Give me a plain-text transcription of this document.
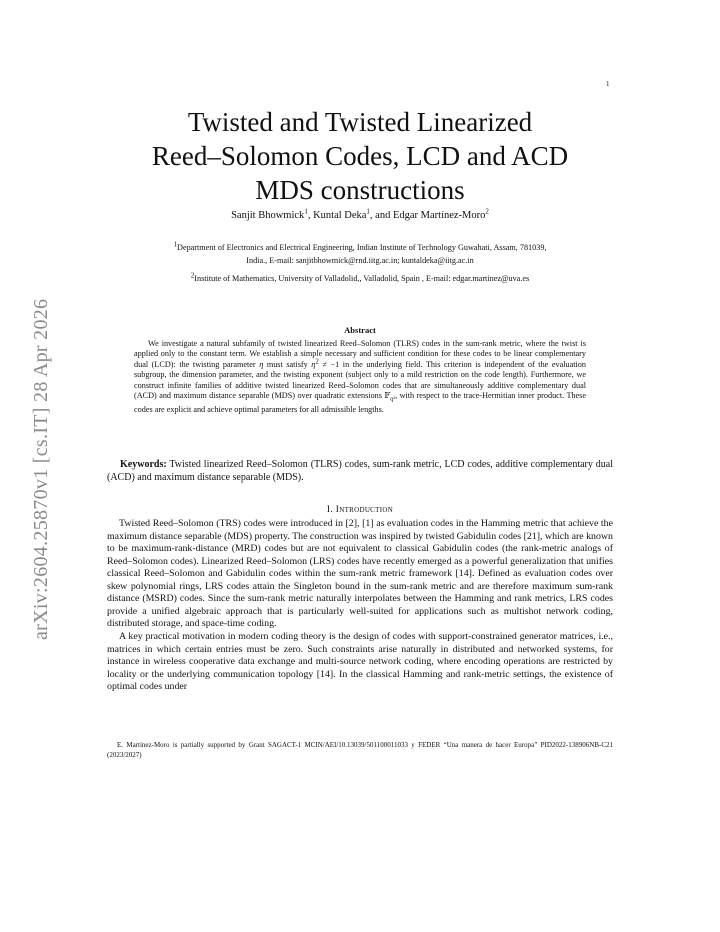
1
arXiv:2604.25870v1 [cs.IT] 28 Apr 2026
Twisted and Twisted Linearized
Reed–Solomon Codes, LCD and ACD
MDS constructions
Sanjit Bhowmick$^1$, Kuntal Deka$^1$, and Edgar Martínez-Moro$^2$
$^1$Department of Electronics and Electrical Engineering, Indian Institute of Technology Guwahati, Assam, 781039,
India., E-mail: sanjitbhowmick@rnd.iitg.ac.in; kuntaldeka@iitg.ac.in
$^2$Institute of Mathematics, University of Valladolid,, Valladolid, Spain , E-mail: edgar.martinez@uva.es
Abstract

We investigate a natural subfamily of twisted linearized Reed–Solomon (TLRS) codes in the sum-rank metric, where the twist is applied only to the constant term. We establish a simple necessary and sufficient condition for these codes to be linear complementary dual (LCD): the twisting parameter η must satisfy $\eta^2 \ne -1$ in the underlying field. This criterion is independent of the evaluation subgroup, the dimension parameter, and the twisting exponent (subject only to a mild restriction on the code length). Furthermore, we construct infinite families of additive twisted linearized Reed–Solomon codes that are simultaneously additive complementary dual (ACD) and maximum distance separable (MDS) over quadratic extensions 𝔽$_{q^2}$, with respect to the trace-Hermitian inner product. These codes are explicit and achieve optimal parameters for all admissible lengths.

Keywords: Twisted linearized Reed–Solomon (TLRS) codes, sum-rank metric, LCD codes, additive complementary dual (ACD) and maximum distance separable (MDS).

I. Introduction

Twisted Reed–Solomon (TRS) codes were introduced in [2], [1] as evaluation codes in the Hamming metric that achieve the maximum distance separable (MDS) property. The construction was inspired by twisted Gabidulin codes [21], which are known to be maximum-rank-distance (MRD) codes but are not equivalent to classical Gabidulin codes (the rank-metric analogs of Reed–Solomon codes). Linearized Reed–Solomon (LRS) codes have recently emerged as a powerful generalization that unifies classical Reed–Solomon and Gabidulin codes within the sum-rank metric framework [14]. Defined as evaluation codes over skew polynomial rings, LRS codes attain the Singleton bound in the sum-rank metric and are therefore maximum sum-rank distance (MSRD) codes. Since the sum-rank metric naturally interpolates between the Hamming and rank metrics, LRS codes provide a unified algebraic approach that is particularly well-suited for applications such as multishot network coding, distributed storage, and space-time coding.

A key practical motivation in modern coding theory is the design of codes with support-constrained generator matrices, i.e., matrices in which certain entries must be zero. Such constraints arise naturally in distributed and networked systems, for instance in wireless cooperative data exchange and multi-source network coding, where encoding operations are restricted by locality or the underlying communication topology [14]. In the classical Hamming and rank-metric settings, the existence of optimal codes under

E. Martínez-Moro is partially supported by Grant SAGACT-1 MCIN/AEI/10.13039/501100011033 y FEDER “Una manera de hacer Europa” PID2022-138906NB-C21 (2023/2027)
